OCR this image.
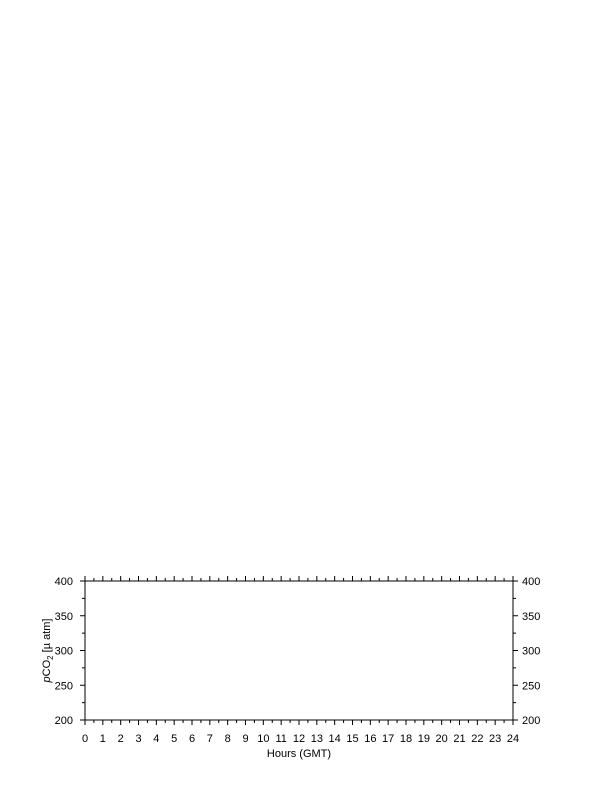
0 1 2 3 4 5 6 7 8 9 10 11 12 13 14 15 16 17 18 19 20 21 22 23 24
200
250
300
350
400
200
250
300
350
400
Hours (GMT)
pCO$_2$ [µ atm]
